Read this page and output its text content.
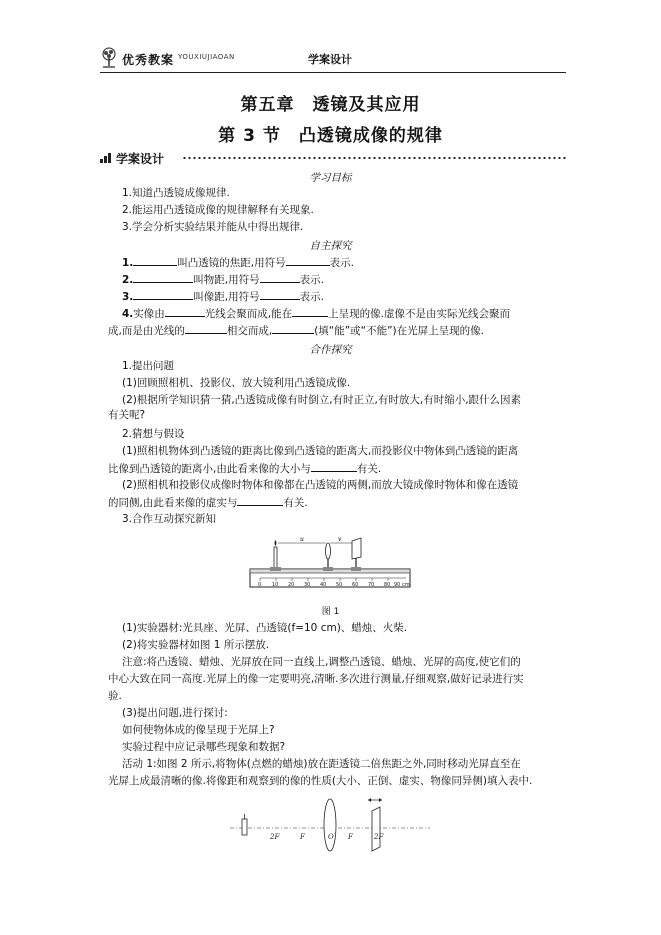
优秀教案 YOUXIUJIAOAN	学案设计
第五章　透镜及其应用
第 3 节　凸透镜成像的规律
学案设计
学习目标
1.知道凸透镜成像规律.
2.能运用凸透镜成像的规律解释有关现象.
3.学会分析实验结果并能从中得出规律.
自主探究
1.	叫凸透镜的焦距,用符号	表示.
2.	叫物距,用符号	表示.
3.	叫像距,用符号	表示.
4.实像由	光线会聚而成,能在	上呈现的像.虚像不是由实际光线会聚而
成,而是由光线的	相交而成,	(填“能”或“不能”)在光屏上呈现的像.
合作探究
1.提出问题
(1)回顾照相机、投影仪、放大镜利用凸透镜成像.
(2)根据所学知识猜一猜,凸透镜成像有时倒立,有时正立,有时放大,有时缩小,跟什么因素
有关呢?
2.猜想与假设
(1)照相机物体到凸透镜的距离比像到凸透镜的距离大,而投影仪中物体到凸透镜的距离
比像到凸透镜的距离小,由此看来像的大小与	有关.
(2)照相机和投影仪成像时物体和像都在凸透镜的两侧,而放大镜成像时物体和像在透镜
的同侧,由此看来像的虚实与	有关.
3.合作互动探究新知
0 10 20 30 40 50 60 70 80 90 cm
u	v
图 1
(1)实验器材:光具座、光屏、凸透镜(f=10 cm)、蜡烛、火柴.
(2)将实验器材如图 1 所示摆放.
注意:将凸透镜、蜡烛、光屏放在同一直线上,调整凸透镜、蜡烛、光屏的高度,使它们的
中心大致在同一高度.光屏上的像一定要明亮,清晰.多次进行测量,仔细观察,做好记录进行实
验.
(3)提出问题,进行探讨:
如何使物体成的像呈现于光屏上?
实验过程中应记录哪些现象和数据?
活动 1:如图 2 所示,将物体(点燃的蜡烛)放在距透镜二倍焦距之外,同时移动光屏直至在
光屏上成最清晰的像.将像距和观察到的像的性质(大小、正倒、虚实、物像同异侧)填入表中.
2F	F	O F	2F
